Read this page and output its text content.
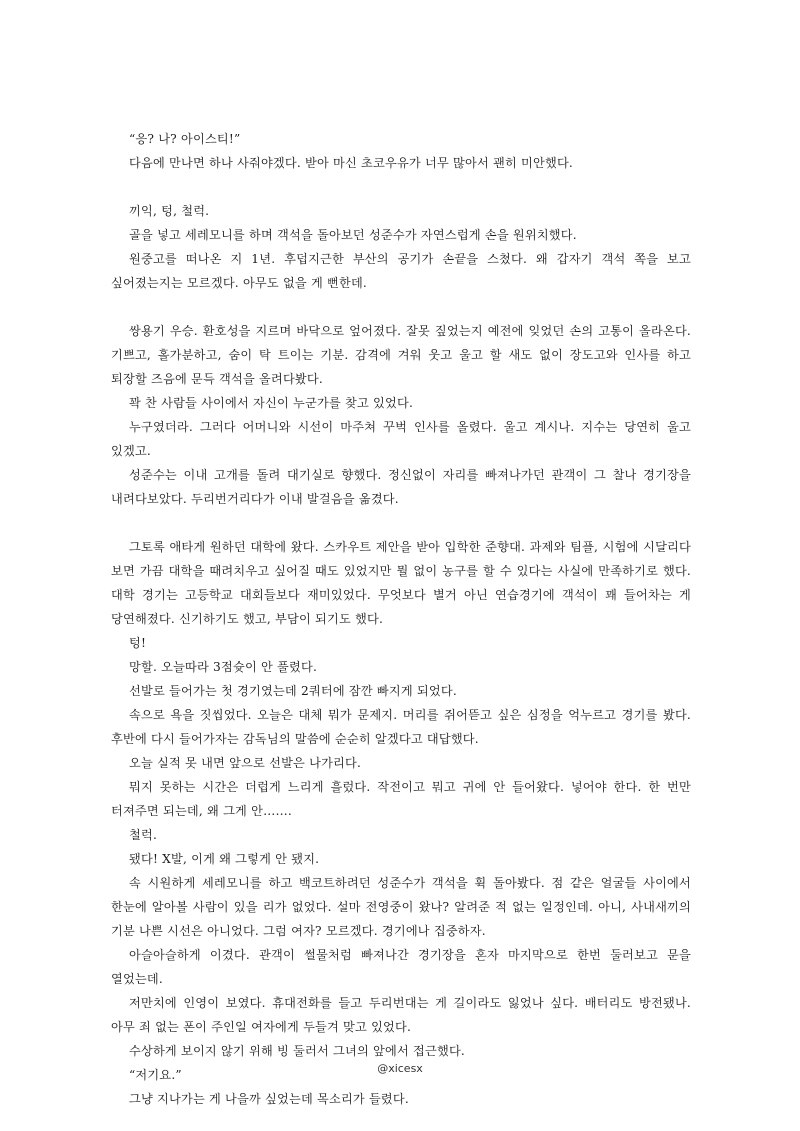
“응? 나? 아이스티!”

다음에 만나면 하나 사줘야겠다. 받아 마신 초코우유가 너무 많아서 괜히 미안했다.

끼익, 텅, 철럭.

골을 넣고 세레모니를 하며 객석을 돌아보던 성준수가 자연스럽게 손을 원위치했다.

원중고를 떠나온 지 1년. 후덥지근한 부산의 공기가 손끝을 스쳤다. 왜 갑자기 객석 쪽을 보고 싶어졌는지는 모르겠다. 아무도 없을 게 뻔한데.

쌍용기 우승. 환호성을 지르며 바닥으로 엎어졌다. 잘못 짚었는지 예전에 잊었던 손의 고통이 올라온다. 기쁘고, 홀가분하고, 숨이 탁 트이는 기분. 감격에 겨워 웃고 울고 할 새도 없이 장도고와 인사를 하고 퇴장할 즈음에 문득 객석을 올려다봤다.

꽉 찬 사람들 사이에서 자신이 누군가를 찾고 있었다.

누구였더라. 그러다 어머니와 시선이 마주쳐 꾸벅 인사를 올렸다. 울고 계시나. 지수는 당연히 울고 있겠고.

성준수는 이내 고개를 돌려 대기실로 향했다. 정신없이 자리를 빠져나가던 관객이 그 찰나 경기장을 내려다보았다. 두리번거리다가 이내 발걸음을 옮겼다.

그토록 애타게 원하던 대학에 왔다. 스카우트 제안을 받아 입학한 준향대. 과제와 팀플, 시험에 시달리다 보면 가끔 대학을 때려치우고 싶어질 때도 있었지만 뭘 없이 농구를 할 수 있다는 사실에 만족하기로 했다. 대학 경기는 고등학교 대회들보다 재미있었다. 무엇보다 별거 아닌 연습경기에 객석이 꽤 들어차는 게 당연해졌다. 신기하기도 했고, 부담이 되기도 했다.

텅!

망할. 오늘따라 3점슛이 안 풀렸다.

선발로 들어가는 첫 경기였는데 2쿼터에 잠깐 빠지게 되었다.

속으로 욕을 짓씹었다. 오늘은 대체 뭐가 문제지. 머리를 쥐어뜯고 싶은 심정을 억누르고 경기를 봤다. 후반에 다시 들어가자는 감독님의 말씀에 순순히 알겠다고 대답했다.

오늘 실적 못 내면 앞으로 선발은 나가리다.

뭐지 못하는 시간은 더럽게 느리게 흘렀다. 작전이고 뭐고 귀에 안 들어왔다. 넣어야 한다. 한 번만 터져주면 되는데, 왜 그게 안…….

철럭.

됐다! X발, 이게 왜 그렇게 안 됐지.

속 시원하게 세레모니를 하고 백코트하려던 성준수가 객석을 휙 돌아봤다. 점 같은 얼굴들 사이에서 한눈에 알아볼 사람이 있을 리가 없었다. 설마 전영중이 왔나? 알려준 적 없는 일정인데. 아니, 사내새끼의 기분 나쁜 시선은 아니었다. 그럼 여자? 모르겠다. 경기에나 집중하자.

아슬아슬하게 이겼다. 관객이 썰물처럼 빠져나간 경기장을 혼자 마지막으로 한번 둘러보고 문을 열었는데.

저만치에 인영이 보였다. 휴대전화를 들고 두리번대는 게 길이라도 잃었나 싶다. 배터리도 방전됐나. 아무 죄 없는 폰이 주인일 여자에게 두들겨 맞고 있었다.

수상하게 보이지 않기 위해 빙 둘러서 그녀의 앞에서 접근했다.

“저기요.”

그냥 지나가는 게 나을까 싶었는데 목소리가 들렸다.

@xicesx
